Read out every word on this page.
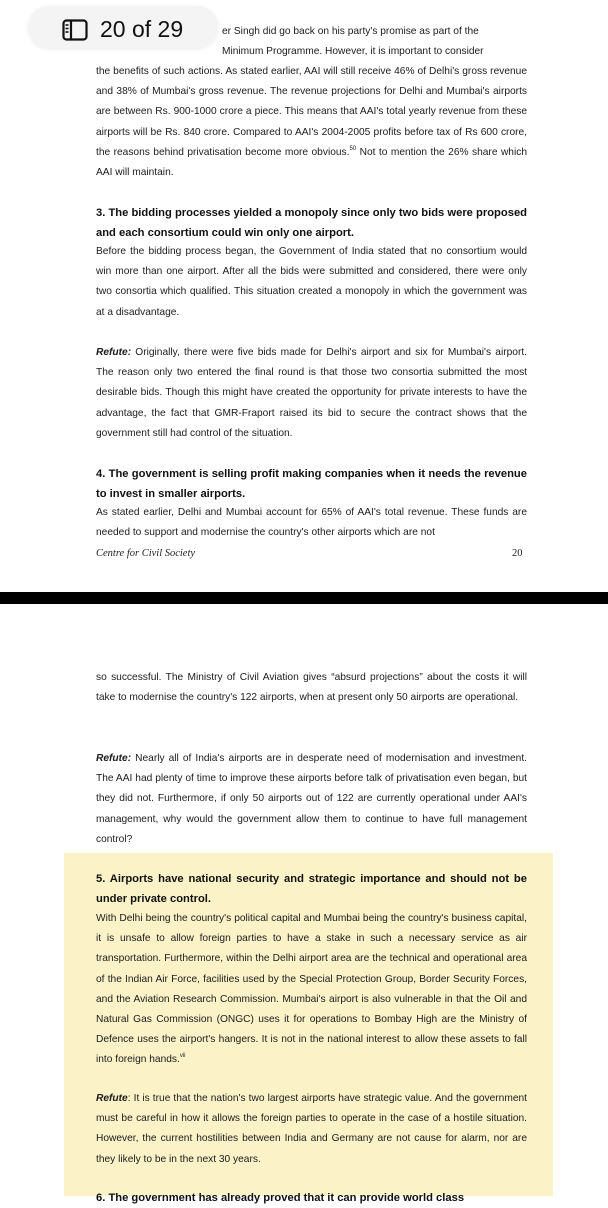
er Singh did go back on his party's promise as part of the
Minimum Programme. However, it is important to consider

the benefits of such actions. As stated earlier, AAI will still receive 46% of Delhi's gross revenue and 38% of Mumbai's gross revenue. The revenue projections for Delhi and Mumbai's airports are between Rs. 900-1000 crore a piece. This means that AAI's total yearly revenue from these airports will be Rs. 840 crore. Compared to AAI's 2004-2005 profits before tax of Rs 600 crore, the reasons behind privatisation become more obvious.$^{50}$ Not to mention the 26% share which AAI will maintain.

3. The bidding processes yielded a monopoly since only two bids were proposed and each consortium could win only one airport.

Before the bidding process began, the Government of India stated that no consortium would win more than one airport. After all the bids were submitted and considered, there were only two consortia which qualified. This situation created a monopoly in which the government was at a disadvantage.

Refute: Originally, there were five bids made for Delhi's airport and six for Mumbai's airport. The reason only two entered the final round is that those two consortia submitted the most desirable bids. Though this might have created the opportunity for private interests to have the advantage, the fact that GMR-Fraport raised its bid to secure the contract shows that the government still had control of the situation.

4. The government is selling profit making companies when it needs the revenue to invest in smaller airports.

As stated earlier, Delhi and Mumbai account for 65% of AAI's total revenue. These funds are needed to support and modernise the country's other airports which are not

Centre for Civil Society	20

so successful. The Ministry of Civil Aviation gives “absurd projections” about the costs it will take to modernise the country's 122 airports, when at present only 50 airports are operational.

Refute: Nearly all of India's airports are in desperate need of modernisation and investment. The AAI had plenty of time to improve these airports before talk of privatisation even began, but they did not. Furthermore, if only 50 airports out of 122 are currently operational under AAI's management, why would the government allow them to continue to have full management control?

5. Airports have national security and strategic importance and should not be under private control.

With Delhi being the country's political capital and Mumbai being the country's business capital, it is unsafe to allow foreign parties to have a stake in such a necessary service as air transportation. Furthermore, within the Delhi airport area are the technical and operational area of the Indian Air Force, facilities used by the Special Protection Group, Border Security Forces, and the Aviation Research Commission. Mumbai's airport is also vulnerable in that the Oil and Natural Gas Commission (ONGC) uses it for operations to Bombay High are the Ministry of Defence uses the airport's hangers. It is not in the national interest to allow these assets to fall into foreign hands.$^{vii}$

Refute: It is true that the nation's two largest airports have strategic value. And the government must be careful in how it allows the foreign parties to operate in the case of a hostile situation. However, the current hostilities between India and Germany are not cause for alarm, nor are they likely to be in the next 30 years.

6. The government has already proved that it can provide world class
20 of 29
